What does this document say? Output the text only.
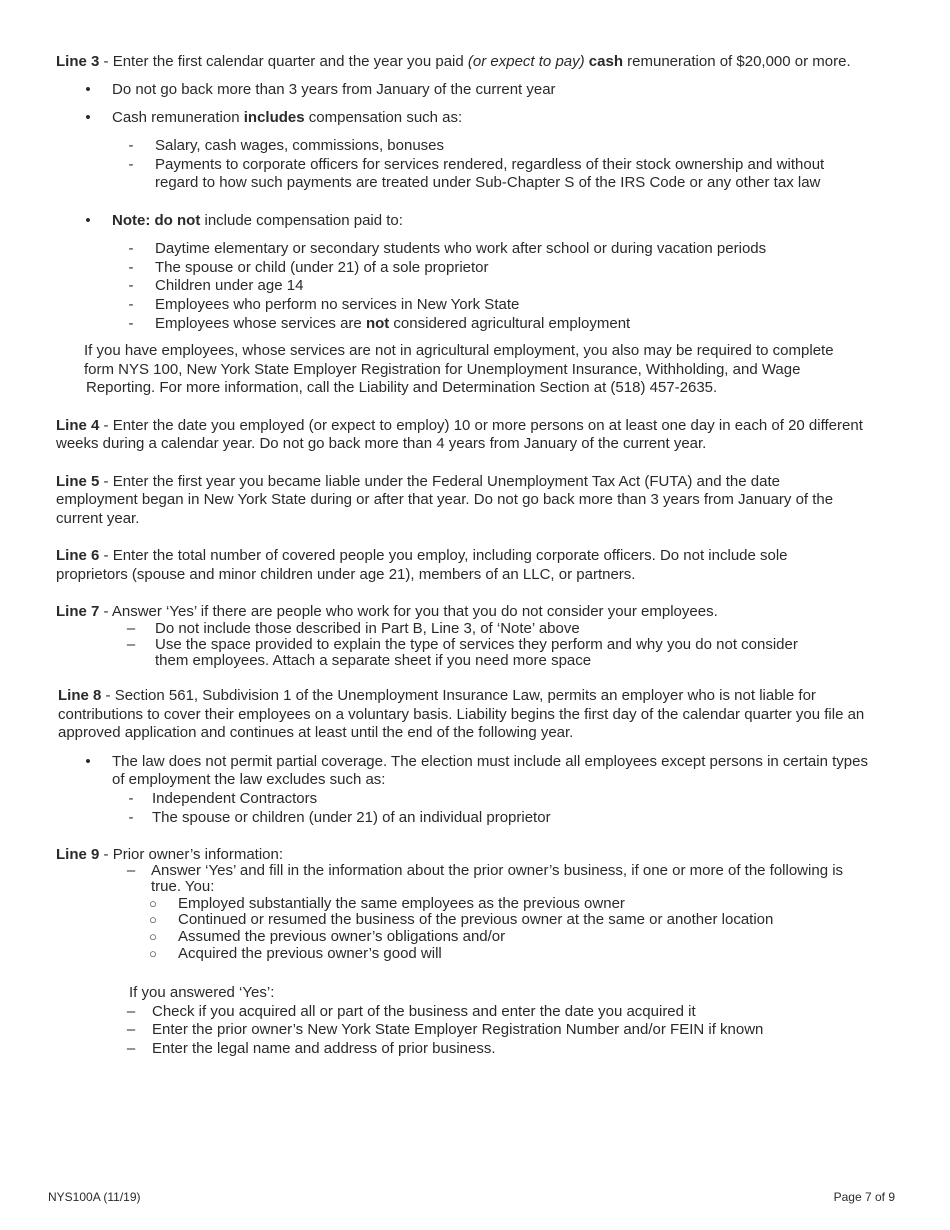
Line 3 - Enter the first calendar quarter and the year you paid (or expect to pay) cash remuneration of $20,000 or more.
• Do not go back more than 3 years from January of the current year
• Cash remuneration includes compensation such as:
- Salary, cash wages, commissions, bonuses
- Payments to corporate officers for services rendered, regardless of their stock ownership and without regard to how such payments are treated under Sub-Chapter S of the IRS Code or any other tax law
• Note: do not include compensation paid to:
- Daytime elementary or secondary students who work after school or during vacation periods
- The spouse or child (under 21) of a sole proprietor
- Children under age 14
- Employees who perform no services in New York State
- Employees whose services are not considered agricultural employment
If you have employees, whose services are not in agricultural employment, you also may be required to complete
form NYS 100, New York State Employer Registration for Unemployment Insurance, Withholding, and Wage
Reporting. For more information, call the Liability and Determination Section at (518) 457-2635.
Line 4 - Enter the date you employed (or expect to employ) 10 or more persons on at least one day in each of 20 different
weeks during a calendar year. Do not go back more than 4 years from January of the current year.
Line 5 - Enter the first year you became liable under the Federal Unemployment Tax Act (FUTA) and the date
employment began in New York State during or after that year. Do not go back more than 3 years from January of the
current year.
Line 6 - Enter the total number of covered people you employ, including corporate officers. Do not include sole
proprietors (spouse and minor children under age 21), members of an LLC, or partners.
Line 7 - Answer ‘Yes’ if there are people who work for you that you do not consider your employees.
– Do not include those described in Part B, Line 3, of ‘Note’ above
– Use the space provided to explain the type of services they perform and why you do not consider
them employees. Attach a separate sheet if you need more space
Line 8 - Section 561, Subdivision 1 of the Unemployment Insurance Law, permits an employer who is not liable for
contributions to cover their employees on a voluntary basis. Liability begins the first day of the calendar quarter you file an
approved application and continues at least until the end of the following year.
• The law does not permit partial coverage. The election must include all employees except persons in certain types
of employment the law excludes such as:
- Independent Contractors
- The spouse or children (under 21) of an individual proprietor
Line 9 - Prior owner’s information:
– Answer ‘Yes’ and fill in the information about the prior owner’s business, if one or more of the following is
true. You:
○ Employed substantially the same employees as the previous owner
○ Continued or resumed the business of the previous owner at the same or another location
○ Assumed the previous owner’s obligations and/or
○ Acquired the previous owner’s good will
If you answered ‘Yes’:
– Check if you acquired all or part of the business and enter the date you acquired it
– Enter the prior owner’s New York State Employer Registration Number and/or FEIN if known
– Enter the legal name and address of prior business.
NYS100A (11/19)	Page 7 of 9
